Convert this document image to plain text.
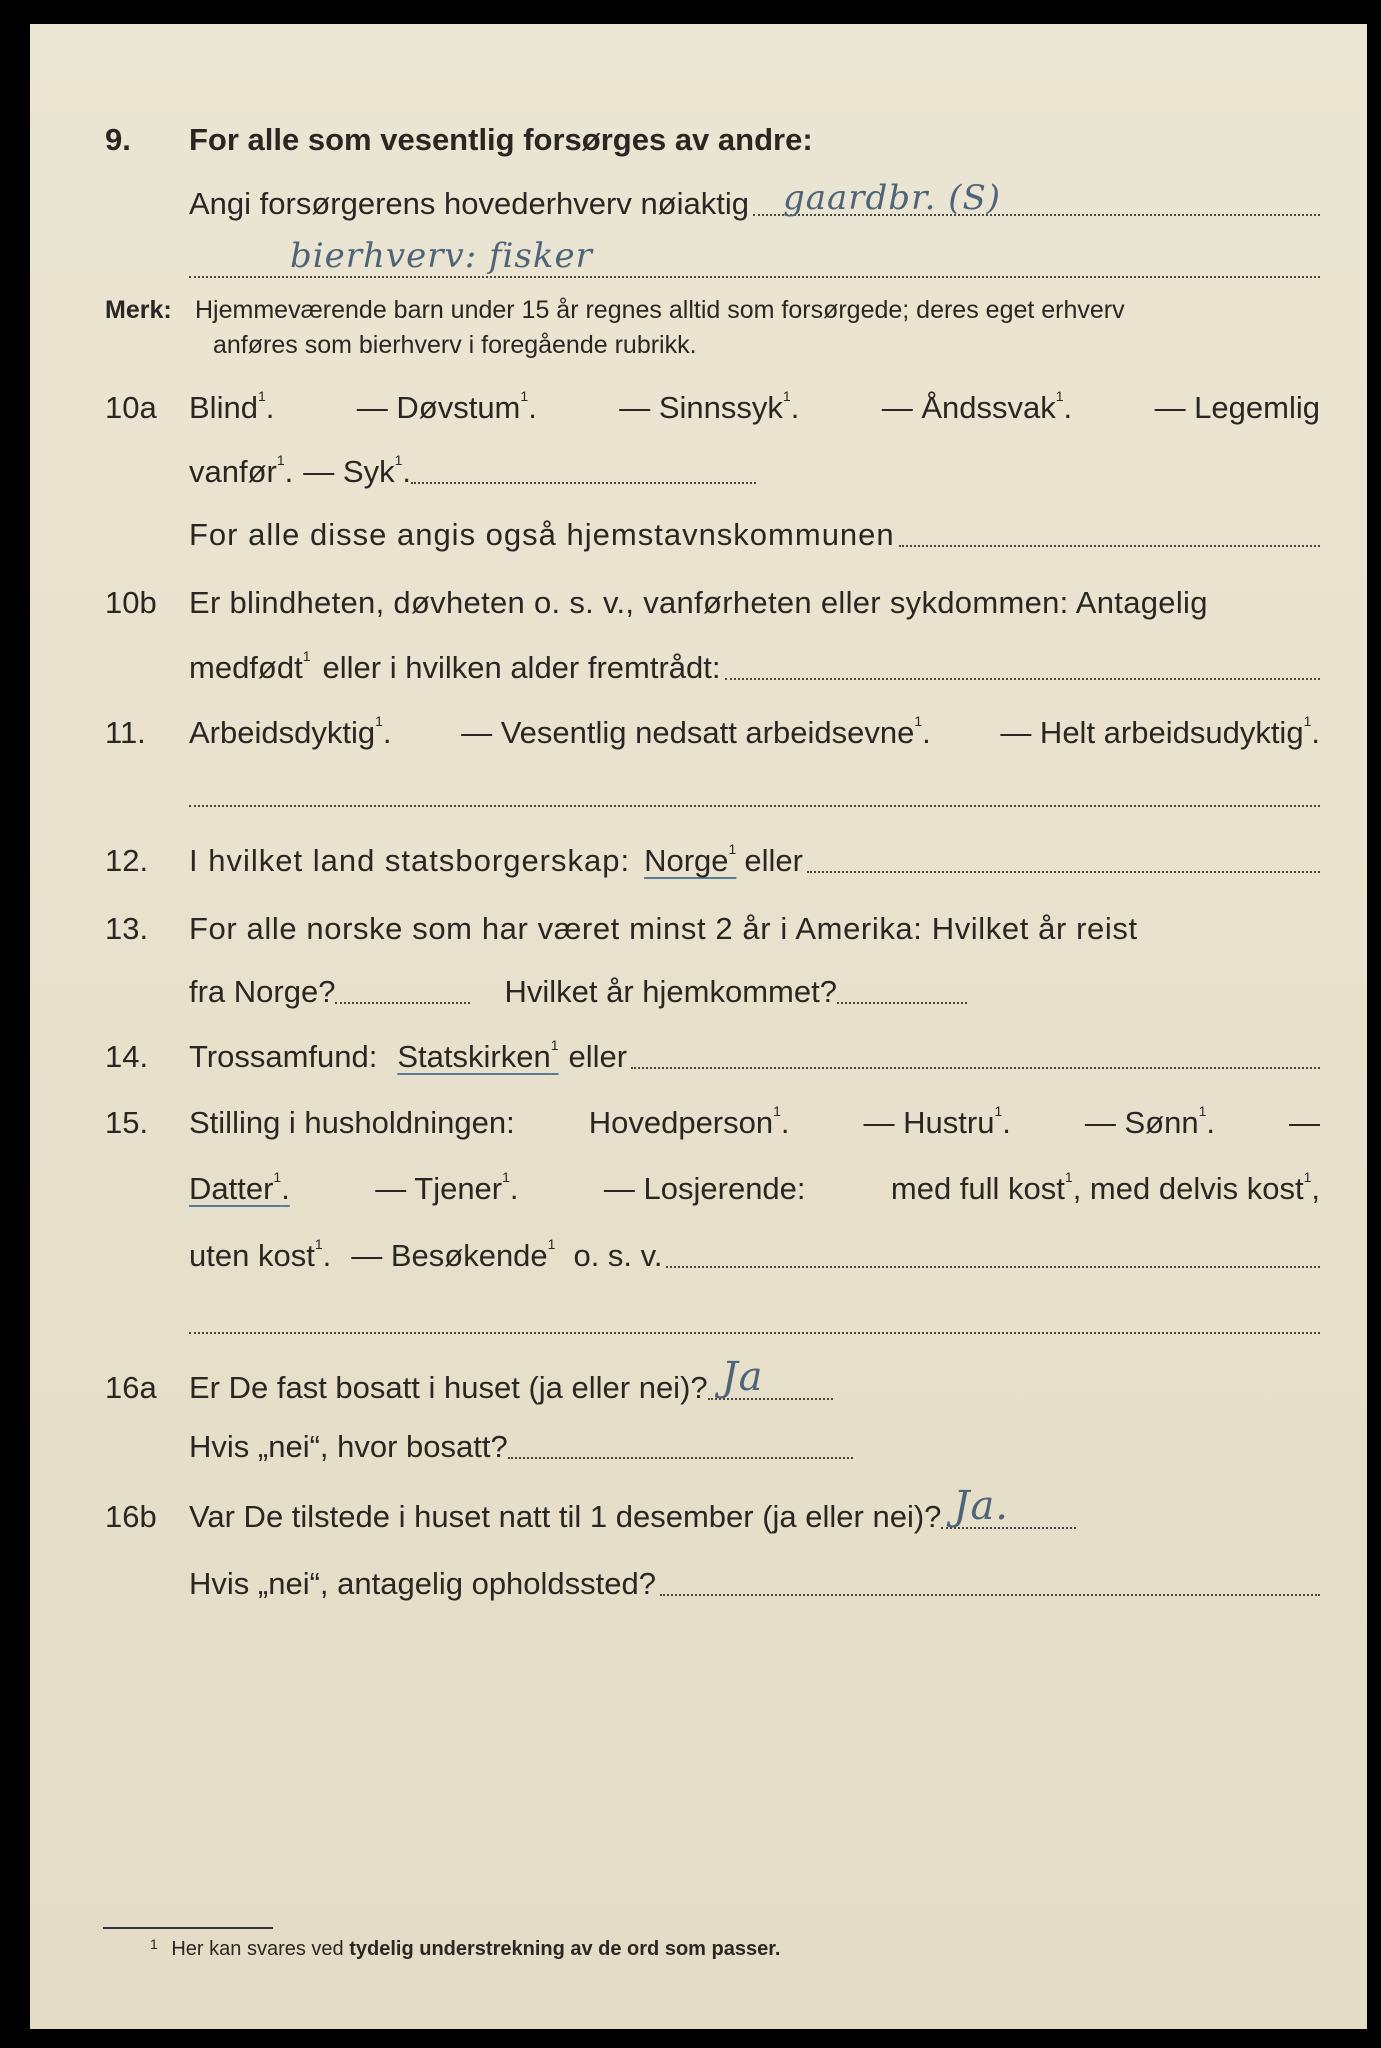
9.	For alle som vesentlig forsørges av andre:
Angi forsørgerens hovederhverv nøiaktig gaardbr. (S)
bierhverv: fisker
Merk: Hjemmeværende barn under 15 år regnes alltid som forsørgede; deres eget erhverv
anføres som bierhverv i foregående rubrikk.
10a	Blind$^1$.	— Døvstum$^1$.	— Sinnssyk$^1$.	— Åndssvak$^1$.	— Legemlig
vanfør$^1$. — Syk$^1$.
For alle disse angis også hjemstavnskommunen
10b	Er blindheten, døvheten o. s. v., vanførheten eller sykdommen: Antagelig
medfødt$^1$ eller i hvilken alder fremtrådt:
11.	Arbeidsdyktig$^1$. — Vesentlig nedsatt arbeidsevne$^1$. — Helt arbeidsudyktig$^1$.
12.	I hvilket land statsborgerskap: Norge$^1$ eller
13.	For alle norske som har været minst 2 år i Amerika: Hvilket år reist
fra Norge?	Hvilket år hjemkommet?
14.	Trossamfund: Statskirken$^1$ eller
15.	Stilling i husholdningen: Hovedperson$^1$. — Hustru$^1$. — Sønn$^1$. —
Datter$^1$.	— Tjener$^1$.	— Losjerende:	med full kost$^1$, med delvis kost$^1$,
uten kost$^1$. — Besøkende$^1$ o. s. v.
16a	Er De fast bosatt i huset (ja eller nei)? Ja
Hvis „nei“, hvor bosatt?
16b	Var De tilstede i huset natt til 1 desember (ja eller nei)? Ja.
Hvis „nei“, antagelig opholdssted?
$^1$ Her kan svares ved tydelig understrekning av de ord som passer.
